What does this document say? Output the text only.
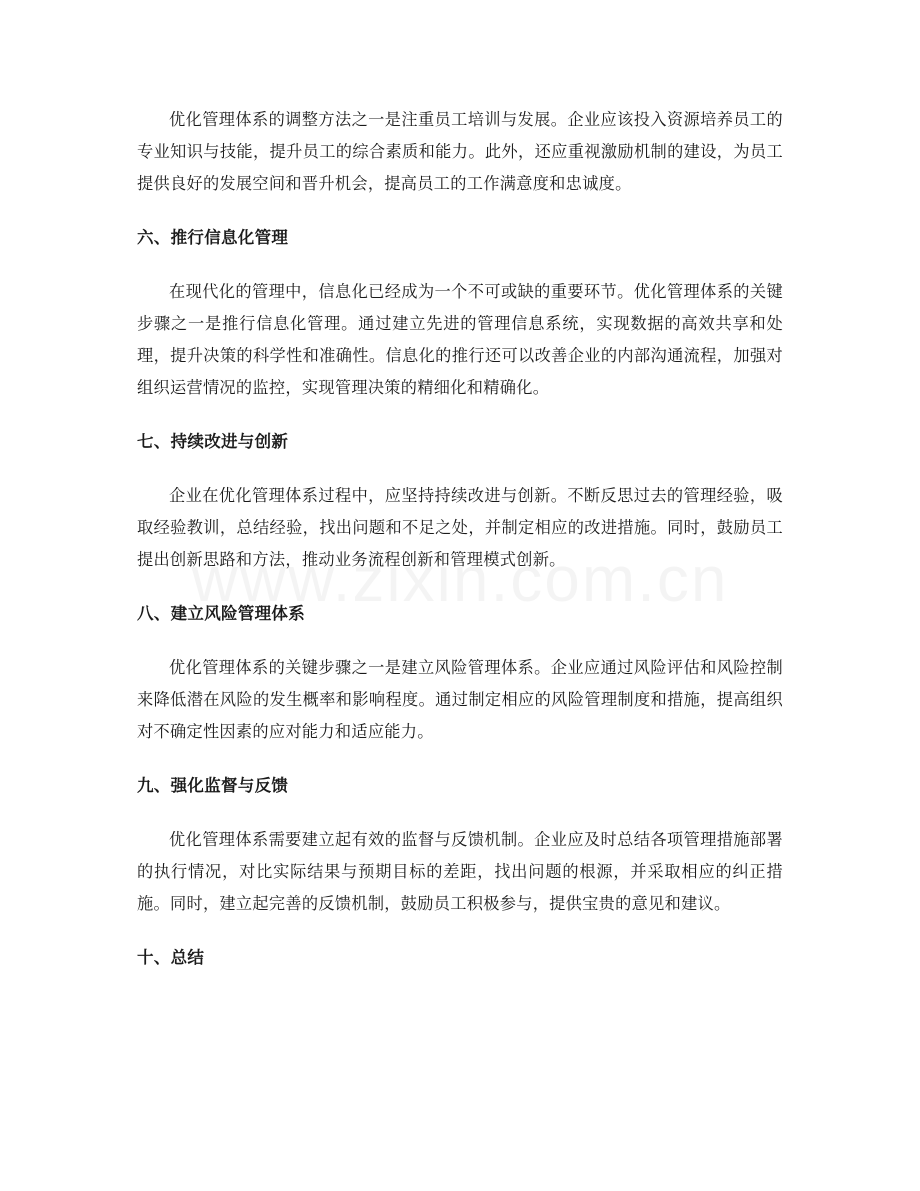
优化管理体系的调整方法之一是注重员工培训与发展。企业应该投入资源培养员工的专业知识与技能，提升员工的综合素质和能力。此外，还应重视激励机制的建设，为员工提供良好的发展空间和晋升机会，提高员工的工作满意度和忠诚度。

六、推行信息化管理

在现代化的管理中，信息化已经成为一个不可或缺的重要环节。优化管理体系的关键步骤之一是推行信息化管理。通过建立先进的管理信息系统，实现数据的高效共享和处理，提升决策的科学性和准确性。信息化的推行还可以改善企业的内部沟通流程，加强对组织运营情况的监控，实现管理决策的精细化和精确化。

七、持续改进与创新

企业在优化管理体系过程中，应坚持持续改进与创新。不断反思过去的管理经验，吸取经验教训，总结经验，找出问题和不足之处，并制定相应的改进措施。同时，鼓励员工提出创新思路和方法，推动业务流程创新和管理模式创新。

八、建立风险管理体系

优化管理体系的关键步骤之一是建立风险管理体系。企业应通过风险评估和风险控制来降低潜在风险的发生概率和影响程度。通过制定相应的风险管理制度和措施，提高组织对不确定性因素的应对能力和适应能力。

九、强化监督与反馈

优化管理体系需要建立起有效的监督与反馈机制。企业应及时总结各项管理措施部署的执行情况，对比实际结果与预期目标的差距，找出问题的根源，并采取相应的纠正措施。同时，建立起完善的反馈机制，鼓励员工积极参与，提供宝贵的意见和建议。

十、总结
